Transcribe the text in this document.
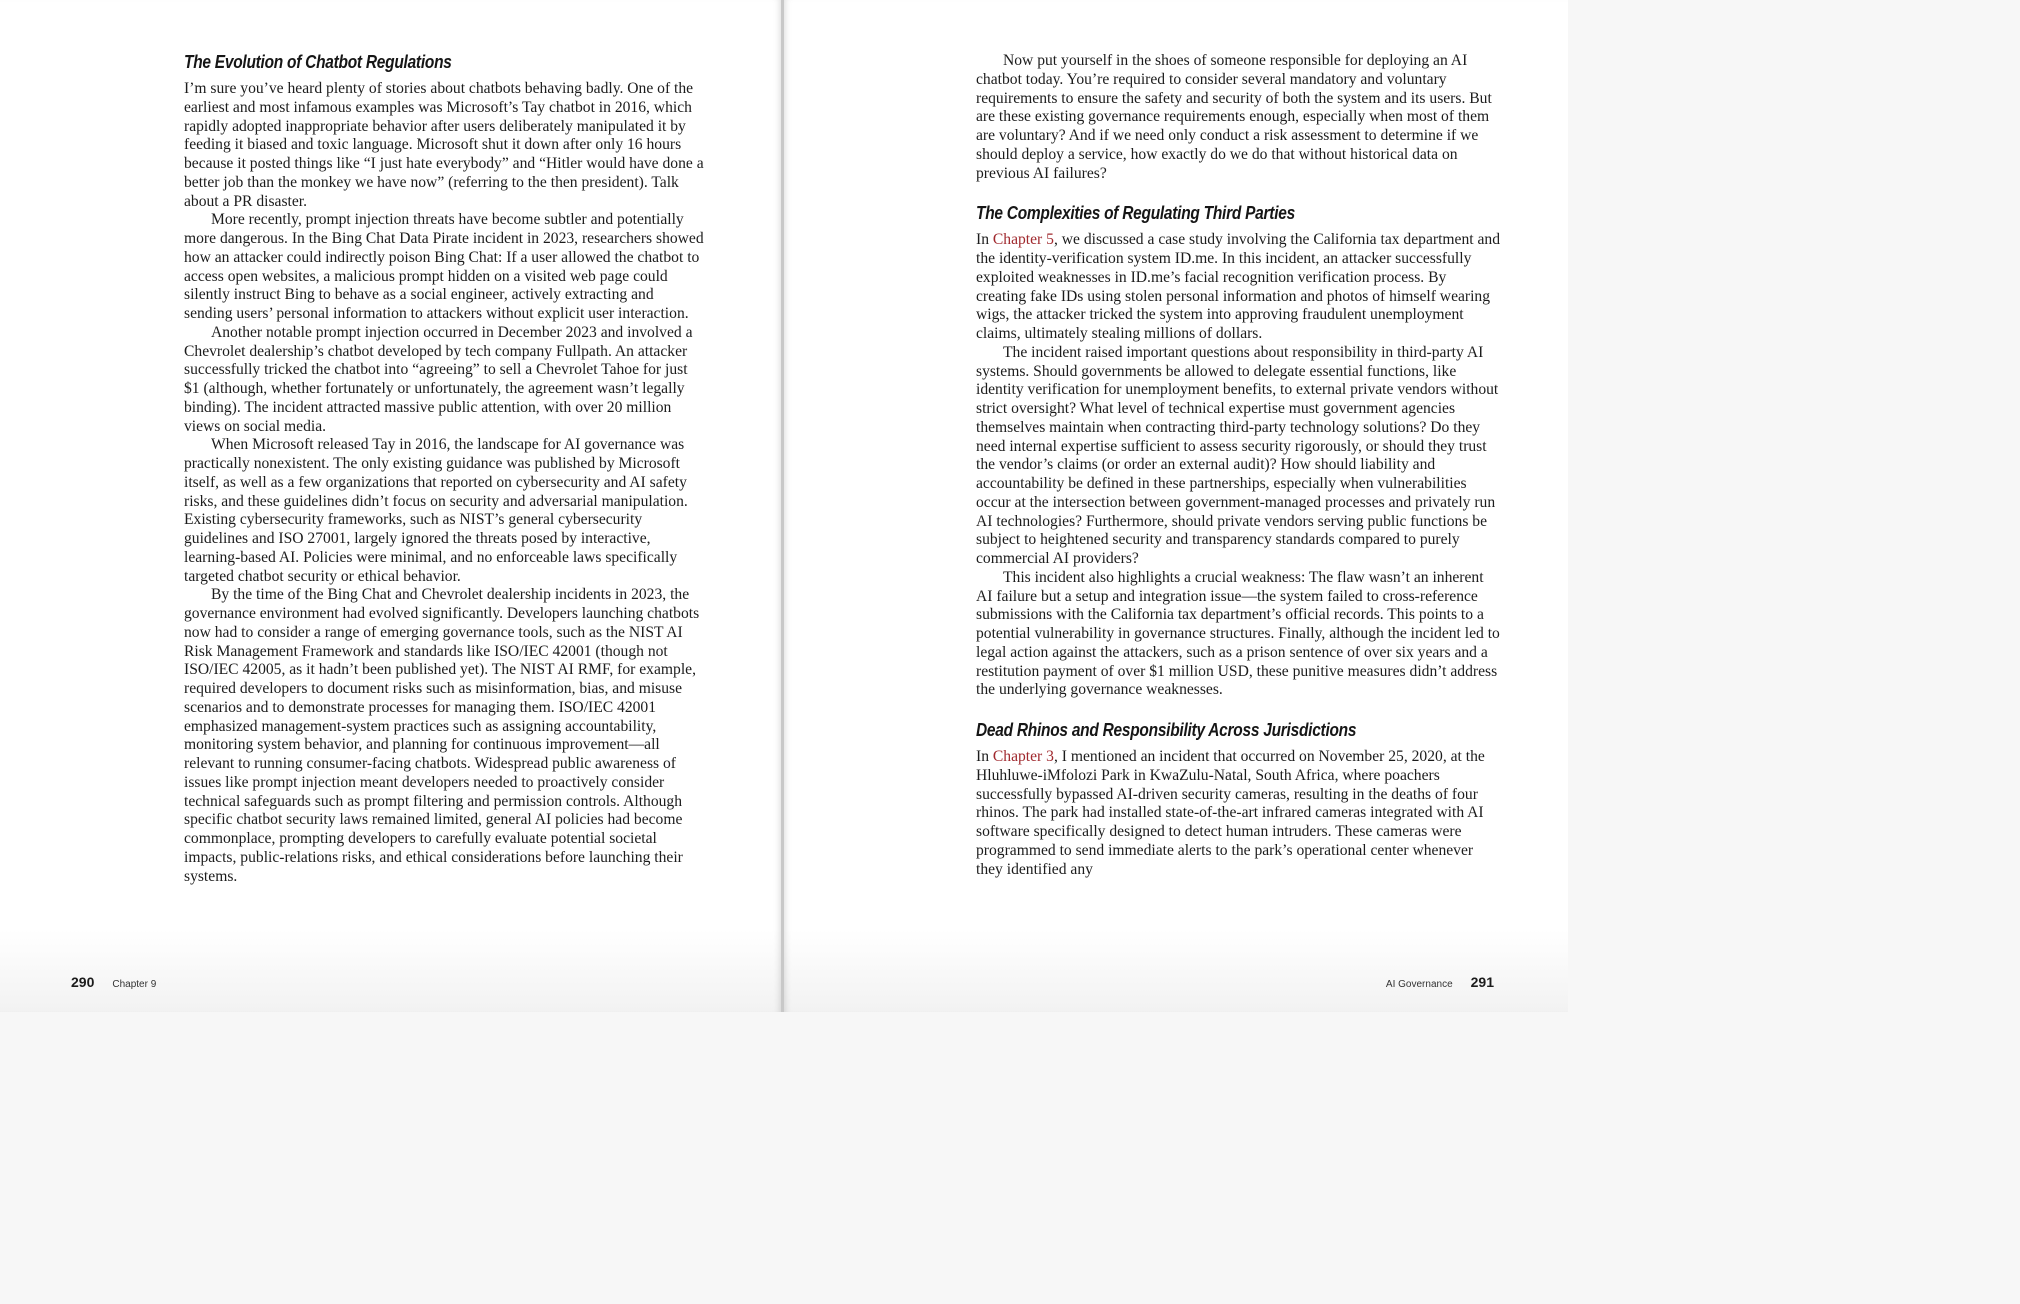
The Evolution of Chatbot Regulations

I’m sure you’ve heard plenty of stories about chatbots behaving badly. One of the earliest and most infamous examples was Microsoft’s Tay chatbot in 2016, which rapidly adopted inappropriate behavior after users deliberately manipulated it by feeding it biased and toxic language. Microsoft shut it down after only 16 hours because it posted things like “I just hate everybody” and “Hitler would have done a better job than the monkey we have now” (referring to the then president). Talk about a PR disaster.

More recently, prompt injection threats have become subtler and potentially more dangerous. In the Bing Chat Data Pirate incident in 2023, researchers showed how an attacker could indirectly poison Bing Chat: If a user allowed the chatbot to access open websites, a malicious prompt hidden on a visited web page could silently instruct Bing to behave as a social engineer, actively extracting and sending users’ personal information to attackers without explicit user interaction.

Another notable prompt injection occurred in December 2023 and involved a Chevrolet dealership’s chatbot developed by tech company Fullpath. An attacker successfully tricked the chatbot into “agreeing” to sell a Chevrolet Tahoe for just $1 (although, whether fortunately or unfortunately, the agreement wasn’t legally binding). The incident attracted massive public attention, with over 20 million views on social media.

When Microsoft released Tay in 2016, the landscape for AI governance was practically nonexistent. The only existing guidance was published by Microsoft itself, as well as a few organizations that reported on cybersecurity and AI safety risks, and these guidelines didn’t focus on security and adversarial manipulation. Existing cybersecurity frameworks, such as NIST’s general cybersecurity guidelines and ISO 27001, largely ignored the threats posed by interactive, learning-based AI. Policies were minimal, and no enforceable laws specifically targeted chatbot security or ethical behavior.

By the time of the Bing Chat and Chevrolet dealership incidents in 2023, the governance environment had evolved significantly. Developers launching chatbots now had to consider a range of emerging governance tools, such as the NIST AI Risk Management Framework and standards like ISO/IEC 42001 (though not ISO/IEC 42005, as it hadn’t been published yet). The NIST AI RMF, for example, required developers to document risks such as misinformation, bias, and misuse scenarios and to demonstrate processes for managing them. ISO/IEC 42001 emphasized management-system practices such as assigning accountability, monitoring system behavior, and planning for continuous improvement—all relevant to running consumer-facing chatbots. Widespread public awareness of issues like prompt injection meant developers needed to proactively consider technical safeguards such as prompt filtering and permission controls. Although specific chatbot security laws remained limited, general AI policies had become commonplace, prompting developers to carefully evaluate potential societal impacts, public-relations risks, and ethical considerations before launching their systems.

290 Chapter 9

Now put yourself in the shoes of someone responsible for deploying an AI chatbot today. You’re required to consider several mandatory and voluntary requirements to ensure the safety and security of both the system and its users. But are these existing governance requirements enough, especially when most of them are voluntary? And if we need only conduct a risk assessment to determine if we should deploy a service, how exactly do we do that without historical data on previous AI failures?

The Complexities of Regulating Third Parties

In Chapter 5, we discussed a case study involving the California tax department and the identity-verification system ID.me. In this incident, an attacker successfully exploited weaknesses in ID.me’s facial recognition verification process. By creating fake IDs using stolen personal information and photos of himself wearing wigs, the attacker tricked the system into approving fraudulent unemployment claims, ultimately stealing millions of dollars.

The incident raised important questions about responsibility in third-party AI systems. Should governments be allowed to delegate essential functions, like identity verification for unemployment benefits, to external private vendors without strict oversight? What level of technical expertise must government agencies themselves maintain when contracting third-party technology solutions? Do they need internal expertise sufficient to assess security rigorously, or should they trust the vendor’s claims (or order an external audit)? How should liability and accountability be defined in these partnerships, especially when vulnerabilities occur at the intersection between government-managed processes and privately run AI technologies? Furthermore, should private vendors serving public functions be subject to heightened security and transparency standards compared to purely commercial AI providers?

This incident also highlights a crucial weakness: The flaw wasn’t an inherent AI failure but a setup and integration issue—the system failed to cross-reference submissions with the California tax department’s official records. This points to a potential vulnerability in governance structures. Finally, although the incident led to legal action against the attackers, such as a prison sentence of over six years and a restitution payment of over $1 million USD, these punitive measures didn’t address the underlying governance weaknesses.

Dead Rhinos and Responsibility Across Jurisdictions

In Chapter 3, I mentioned an incident that occurred on November 25, 2020, at the Hluhluwe-iMfolozi Park in KwaZulu-Natal, South Africa, where poachers successfully bypassed AI-driven security cameras, resulting in the deaths of four rhinos. The park had installed state-of-the-art infrared cameras integrated with AI software specifically designed to detect human intruders. These cameras were programmed to send immediate alerts to the park’s operational center whenever they identified any

AI Governance 291
